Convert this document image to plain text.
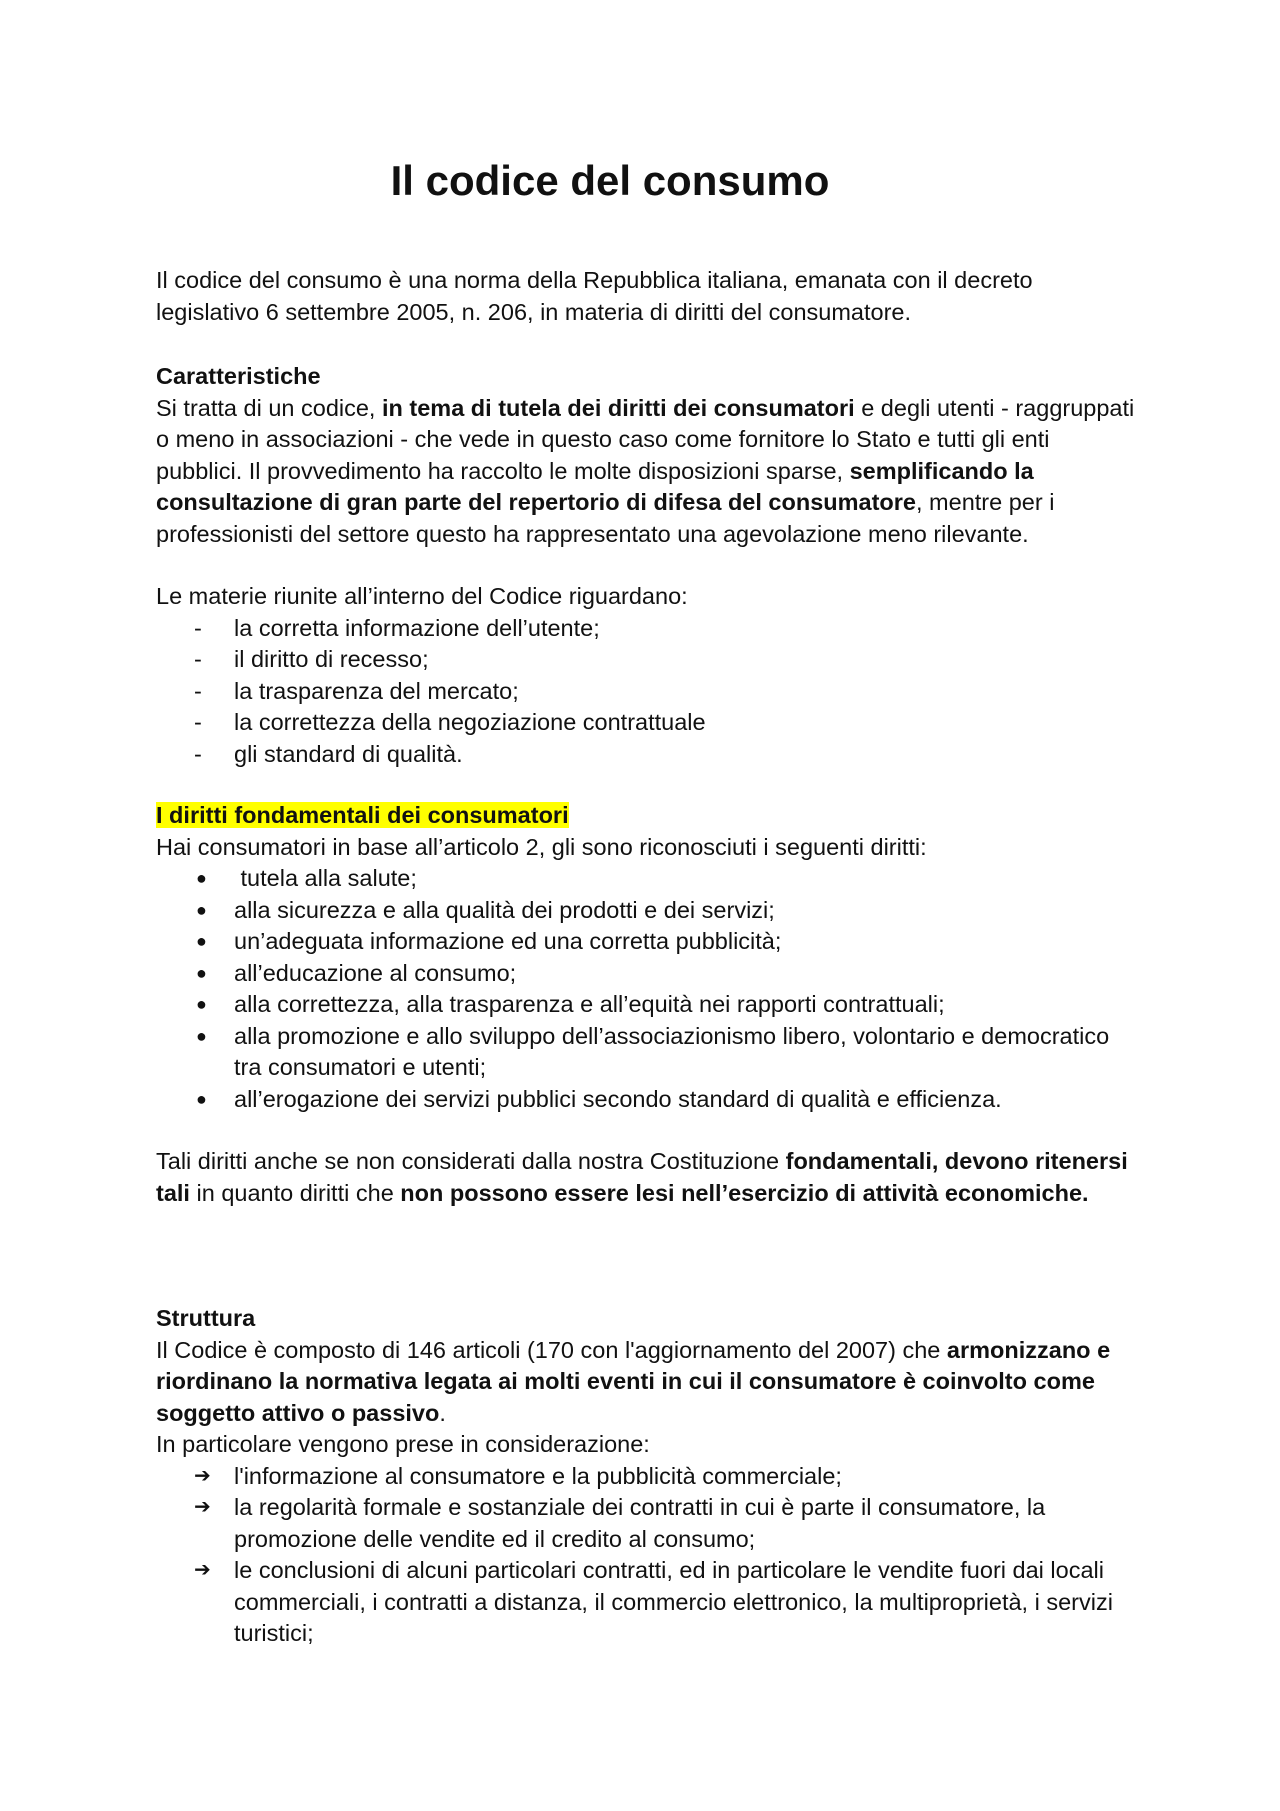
Il codice del consumo

Il codice del consumo è una norma della Repubblica italiana, emanata con il decreto legislativo 6 settembre 2005, n. 206, in materia di diritti del consumatore.

Caratteristiche

Si tratta di un codice, in tema di tutela dei diritti dei consumatori e degli utenti - raggruppati o meno in associazioni - che vede in questo caso come fornitore lo Stato e tutti gli enti pubblici. Il provvedimento ha raccolto le molte disposizioni sparse, semplificando la consultazione di gran parte del repertorio di difesa del consumatore, mentre per i professionisti del settore questo ha rappresentato una agevolazione meno rilevante.

Le materie riunite all’interno del Codice riguardano:

-	la corretta informazione dell’utente;
-	il diritto di recesso;
-	la trasparenza del mercato;
-	la correttezza della negoziazione contrattuale
-	gli standard di qualità.

I diritti fondamentali dei consumatori

Hai consumatori in base all’articolo 2, gli sono riconosciuti i seguenti diritti:

●	tutela alla salute;
●	alla sicurezza e alla qualità dei prodotti e dei servizi;
●	un’adeguata informazione ed una corretta pubblicità;
●	all’educazione al consumo;
●	alla correttezza, alla trasparenza e all’equità nei rapporti contrattuali;
●	alla promozione e allo sviluppo dell’associazionismo libero, volontario e democratico tra consumatori e utenti;
●	all’erogazione dei servizi pubblici secondo standard di qualità e efficienza.

Tali diritti anche se non considerati dalla nostra Costituzione fondamentali, devono ritenersi tali in quanto diritti che non possono essere lesi nell’esercizio di attività economiche.

Struttura

Il Codice è composto di 146 articoli (170 con l'aggiornamento del 2007) che armonizzano e riordinano la normativa legata ai molti eventi in cui il consumatore è coinvolto come soggetto attivo o passivo.

In particolare vengono prese in considerazione:

➔ l'informazione al consumatore e la pubblicità commerciale;
➔ la regolarità formale e sostanziale dei contratti in cui è parte il consumatore, la promozione delle vendite ed il credito al consumo;
➔ le conclusioni di alcuni particolari contratti, ed in particolare le vendite fuori dai locali commerciali, i contratti a distanza, il commercio elettronico, la multiproprietà, i servizi turistici;
